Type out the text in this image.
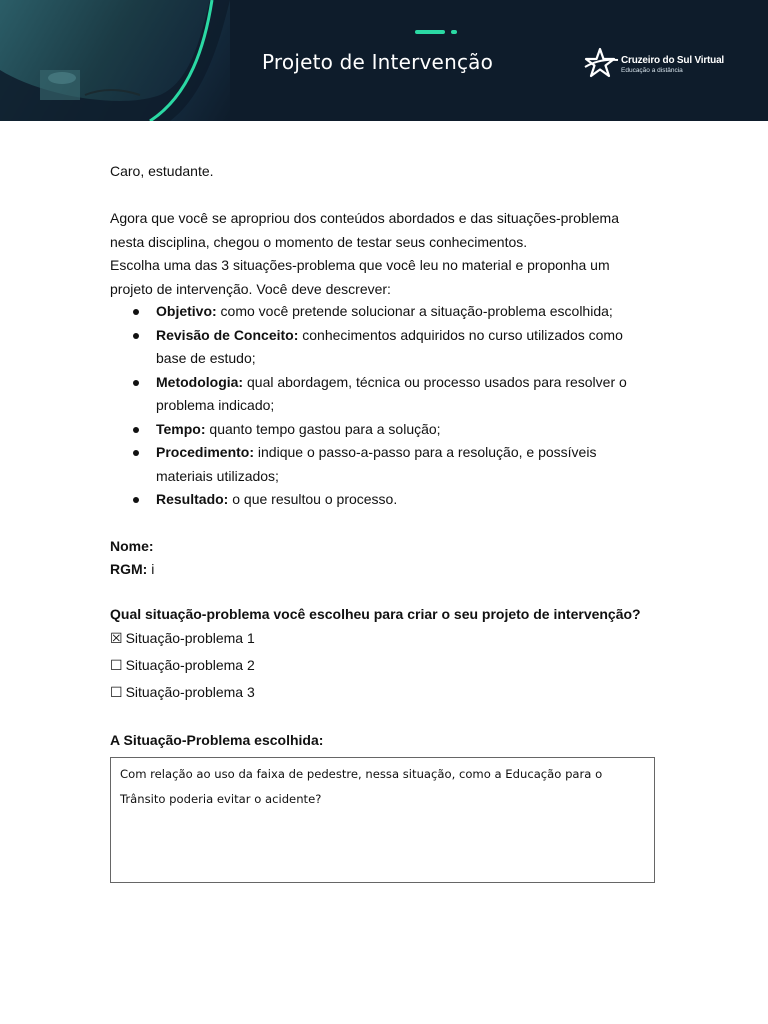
Projeto de Intervenção	Cruzeiro do Sul Virtual
Educação a distância
Caro, estudante.

Agora que você se apropriou dos conteúdos abordados e das situações-problema nesta disciplina, chegou o momento de testar seus conhecimentos.

Escolha uma das 3 situações-problema que você leu no material e proponha um projeto de intervenção. Você deve descrever:

Objetivo: como você pretende solucionar a situação-problema escolhida;
Revisão de Conceito: conhecimentos adquiridos no curso utilizados como base de estudo;
Metodologia: qual abordagem, técnica ou processo usados para resolver o problema indicado;
Tempo: quanto tempo gastou para a solução;
Procedimento: indique o passo-a-passo para a resolução, e possíveis materiais utilizados;
Resultado: o que resultou o processo.
Nome:
RGM: i
Qual situação-problema você escolheu para criar o seu projeto de intervenção?
☒ Situação-problema 1
☐ Situação-problema 2
☐ Situação-problema 3
A Situação-Problema escolhida:
Com relação ao uso da faixa de pedestre, nessa situação, como a Educação para o Trânsito poderia evitar o acidente?
